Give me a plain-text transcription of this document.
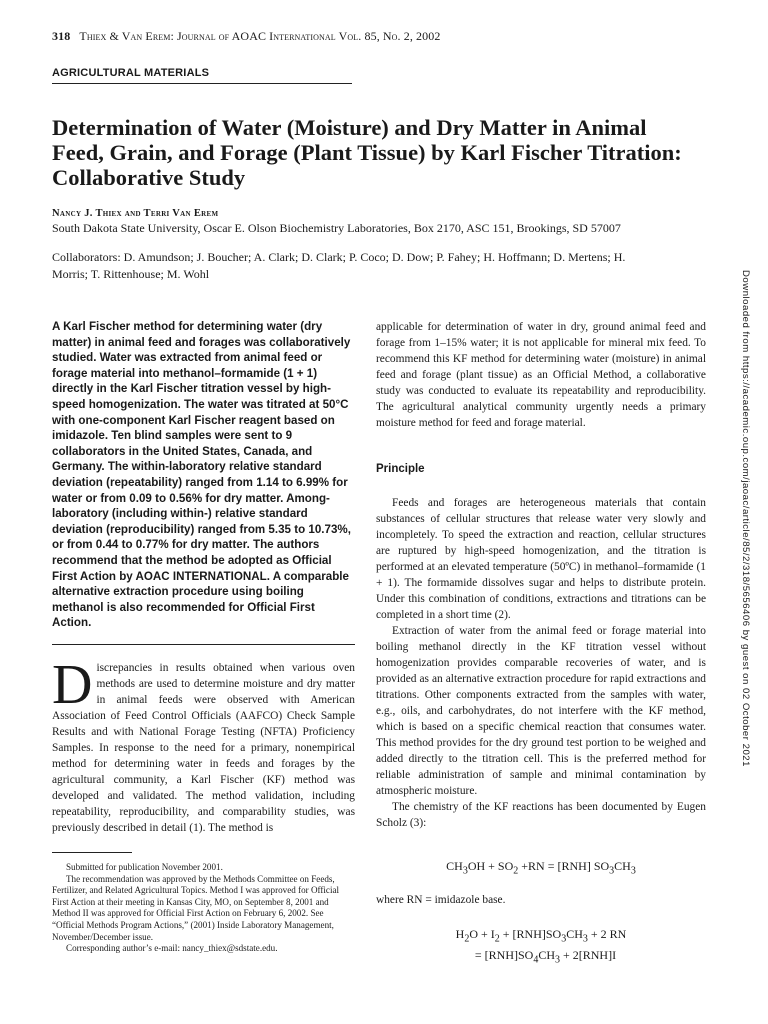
318 Thiex & Van Erem: Journal of AOAC International Vol. 85, No. 2, 2002
AGRICULTURAL MATERIALS
Determination of Water (Moisture) and Dry Matter in Animal Feed, Grain, and Forage (Plant Tissue) by Karl Fischer Titration: Collaborative Study
Nancy J. Thiex and Terri Van Erem
South Dakota State University, Oscar E. Olson Biochemistry Laboratories, Box 2170, ASC 151, Brookings, SD 57007
Collaborators: D. Amundson; J. Boucher; A. Clark; D. Clark; P. Coco; D. Dow; P. Fahey; H. Hoffmann; D. Mertens; H. Morris; T. Rittenhouse; M. Wohl	Downloaded from https://academic.oup.com/jaoac/article/85/2/318/5656406 by guest on 02 October 2021
A Karl Fischer method for determining water (dry matter) in animal feed and forages was collaboratively studied. Water was extracted from animal feed or forage material into methanol–formamide (1 + 1) directly in the Karl Fischer titration vessel by high-speed homogenization. The water was titrated at 50°C with one-component Karl Fischer reagent based on imidazole. Ten blind samples were sent to 9 collaborators in the United States, Canada, and Germany. The within-laboratory relative standard deviation (repeatability) ranged from 1.14 to 6.99% for water or from 0.09 to 0.56% for dry matter. Among-laboratory (including within-) relative standard deviation (reproducibility) ranged from 5.35 to 10.73%, or from 0.44 to 0.77% for dry matter. The authors recommend that the method be adopted as Official First Action by AOAC INTERNATIONAL. A comparable alternative extraction procedure using boiling methanol is also recommended for Official First Action.
D iscrepancies in results obtained when various oven methods are used to determine moisture and dry matter in animal feeds were observed with American Association of Feed Control Officials (AAFCO) Check Sample Results and with National Forage Testing (NFTA) Proficiency Samples. In response to the need for a primary, nonempirical method for determining water in feeds and forages by the agricultural community, a Karl Fischer (KF) method was developed and validated. The method validation, including repeatability, reproducibility, and comparability studies, was previously described in detail (1). The method is

Submitted for publication November 2001.

The recommendation was approved by the Methods Committee on Feeds, Fertilizer, and Related Agricultural Topics. Method I was approved for Official First Action at their meeting in Kansas City, MO, on September 8, 2001 and Method II was approved for Official First Action on February 6, 2002. See “Official Methods Program Actions,” (2001) Inside Laboratory Management, November/December issue.

Corresponding author’s e-mail: nancy_thiex@sdstate.edu.

applicable for determination of water in dry, ground animal feed and forage from 1–15% water; it is not applicable for mineral mix feed. To recommend this KF method for determining water (moisture) in animal feed and forage (plant tissue) as an Official Method, a collaborative study was conducted to evaluate its repeatability and reproducibility. The agricultural analytical community urgently needs a primary moisture method for feed and forage material.

Principle

Feeds and forages are heterogeneous materials that contain substances of cellular structures that release water very slowly and incompletely. To speed the extraction and reaction, cellular structures are ruptured by high-speed homogenization, and the titration is performed at an elevated temperature (50ºC) in methanol–formamide (1 + 1). The formamide dissolves sugar and helps to distribute protein. Under this combination of conditions, extractions and titrations can be completed in a short time (2).

Extraction of water from the animal feed or forage material into boiling methanol directly in the KF titration vessel without homogenization provides comparable recoveries of water, and is provided as an alternative extraction procedure for rapid extractions and titrations. Other components extracted from the samples with water, e.g., oils, and carbohydrates, do not interfere with the KF method, which is based on a specific chemical reaction that consumes water. This method provides for the dry ground test portion to be weighed and added directly to the titration cell. This is the preferred method for reliable administration of sample and minimal contamination by atmospheric moisture.

The chemistry of the KF reactions has been documented by Eugen Scholz (3):

$CH_3OH + SO_2 +RN = [RNH]$ $SO_3CH_3$
where RN = imidazole base.
$H_2O + I_2 + [RNH]SO_3CH_3 + 2$ RN
= $[RNH]SO_4CH_3 + 2[RNH]I$
